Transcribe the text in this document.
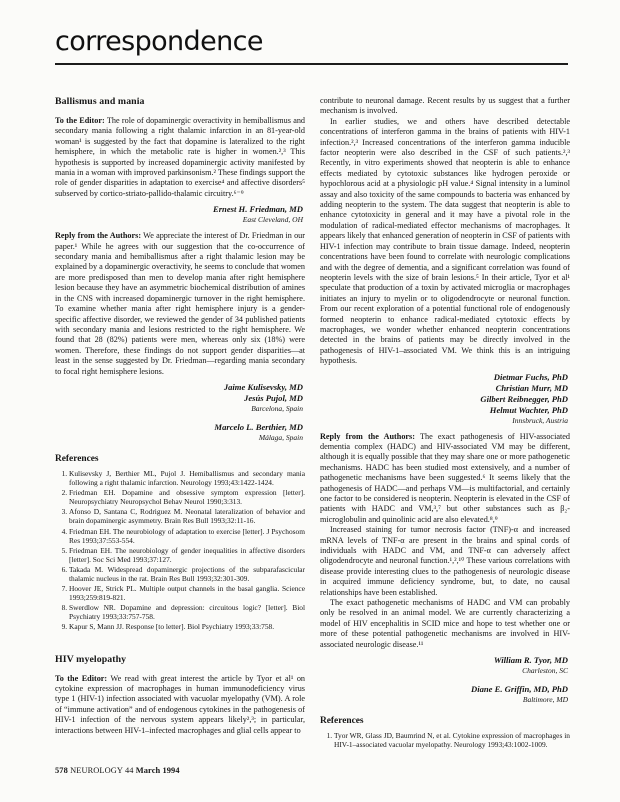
correspondence
Ballismus and mania

To the Editor: The role of dopaminergic overactivity in hemiballismus and secondary mania following a right thalamic infarction in an 81-year-old woman¹ is suggested by the fact that dopamine is lateralized to the right hemisphere, in which the metabolic rate is higher in women.²,³ This hypothesis is supported by increased dopaminergic activity manifested by mania in a woman with improved parkinsonism.² These findings support the role of gender disparities in adaptation to exercise⁴ and affective disorders⁵ subserved by cortico-striato-pallido-thalamic circuitry.⁶⁻⁹

Ernest H. Friedman, MD
East Cleveland, OH

Reply from the Authors: We appreciate the interest of Dr. Friedman in our paper.¹ While he agrees with our suggestion that the co-occurrence of secondary mania and hemiballismus after a right thalamic lesion may be explained by a dopaminergic overactivity, he seems to conclude that women are more predisposed than men to develop mania after right hemisphere lesion because they have an asymmetric biochemical distribution of amines in the CNS with increased dopaminergic turnover in the right hemisphere. To examine whether mania after right hemisphere injury is a gender-specific affective disorder, we reviewed the gender of 34 published patients with secondary mania and lesions restricted to the right hemisphere. We found that 28 (82%) patients were men, whereas only six (18%) were women. Therefore, these findings do not support gender disparities—at least in the sense suggested by Dr. Friedman—regarding mania secondary to focal right hemisphere lesions.

Jaime Kulisevsky, MD
Jesús Pujol, MD
Barcelona, Spain
Marcelo L. Berthier, MD
Málaga, Spain
References
1. Kulisevsky J, Berthier ML, Pujol J. Hemiballismus and secondary mania following a right thalamic infarction. Neurology 1993;43:1422-1424.
2. Friedman EH. Dopamine and obsessive symptom expression [letter]. Neuropsychiatry Neuropsychol Behav Neurol 1990;3:313.
3. Afonso D, Santana C, Rodriguez M. Neonatal lateralization of behavior and brain dopaminergic asymmetry. Brain Res Bull 1993;32:11-16.
4. Friedman EH. The neurobiology of adaptation to exercise [letter]. J Psychosom Res 1993;37:553-554.
5. Friedman EH. The neurobiology of gender inequalities in affective disorders [letter]. Soc Sci Med 1993;37:127.
6. Takada M. Widespread dopaminergic projections of the subparafascicular thalamic nucleus in the rat. Brain Res Bull 1993;32:301-309.
7. Hoover JE, Strick PL. Multiple output channels in the basal ganglia. Science 1993;259:819-821.
8. Swerdlow NR. Dopamine and depression: circuitous logic? [letter]. Biol Psychiatry 1993;33:757-758.
9. Kapur S, Mann JJ. Response [to letter]. Biol Psychiatry 1993;33:758.
HIV myelopathy

To the Editor: We read with great interest the article by Tyor et al¹ on cytokine expression of macrophages in human immunodeficiency virus type 1 (HIV-1) infection associated with vacuolar myelopathy (VM). A role of “immune activation” and of endogenous cytokines in the pathogenesis of HIV-1 infection of the nervous system appears likely²,³; in particular, interactions between HIV-1–infected macrophages and glial cells appear to

contribute to neuronal damage. Recent results by us suggest that a further mechanism is involved.

In earlier studies, we and others have described detectable concentrations of interferon gamma in the brains of patients with HIV-1 infection.²,³ Increased concentrations of the interferon gamma inducible factor neopterin were also described in the CSF of such patients.²,³ Recently, in vitro experiments showed that neopterin is able to enhance effects mediated by cytotoxic substances like hydrogen peroxide or hypochlorous acid at a physiologic pH value.⁴ Signal intensity in a luminol assay and also toxicity of the same compounds to bacteria was enhanced by adding neopterin to the system. The data suggest that neopterin is able to enhance cytotoxicity in general and it may have a pivotal role in the modulation of radical-mediated effector mechanisms of macrophages. It appears likely that enhanced generation of neopterin in CSF of patients with HIV-1 infection may contribute to brain tissue damage. Indeed, neopterin concentrations have been found to correlate with neurologic complications and with the degree of dementia, and a significant correlation was found of neopterin levels with the size of brain lesions.⁵ In their article, Tyor et al¹ speculate that production of a toxin by activated microglia or macrophages initiates an injury to myelin or to oligodendrocyte or neuronal function. From our recent exploration of a potential functional role of endogenously formed neopterin to enhance radical-mediated cytotoxic effects by macrophages, we wonder whether enhanced neopterin concentrations detected in the brains of patients may be directly involved in the pathogenesis of HIV-1–associated VM. We think this is an intriguing hypothesis.

Dietmar Fuchs, PhD
Christian Murr, MD
Gilbert Reibnegger, PhD
Helmut Wachter, PhD
Innsbruck, Austria

Reply from the Authors: The exact pathogenesis of HIV-associated dementia complex (HADC) and HIV-associated VM may be different, although it is equally possible that they may share one or more pathogenetic mechanisms. HADC has been studied most extensively, and a number of pathogenetic mechanisms have been suggested.⁶ It seems likely that the pathogenesis of HADC—and perhaps VM—is multifactorial, and certainly one factor to be considered is neopterin. Neopterin is elevated in the CSF of patients with HADC and VM,³,⁷ but other substances such as β₂-microglobulin and quinolinic acid are also elevated.⁸,⁹

Increased staining for tumor necrosis factor (TNF)-α and increased mRNA levels of TNF-α are present in the brains and spinal cords of individuals with HADC and VM, and TNF-α can adversely affect oligodendrocyte and neuronal function.¹,²,¹⁰ These various correlations with disease provide interesting clues to the pathogenesis of neurologic disease in acquired immune deficiency syndrome, but, to date, no causal relationships have been established.

The exact pathogenetic mechanisms of HADC and VM can probably only be resolved in an animal model. We are currently characterizing a model of HIV encephalitis in SCID mice and hope to test whether one or more of these potential pathogenetic mechanisms are involved in HIV-associated neurologic disease.¹¹

William R. Tyor, MD
Charleston, SC
Diane E. Griffin, MD, PhD
Baltimore, MD
References
1. Tyor WR, Glass JD, Baumrind N, et al. Cytokine expression of macrophages in HIV-1–associated vacuolar myelopathy. Neurology 1993;43:1002-1009.
578 NEUROLOGY 44 March 1994
